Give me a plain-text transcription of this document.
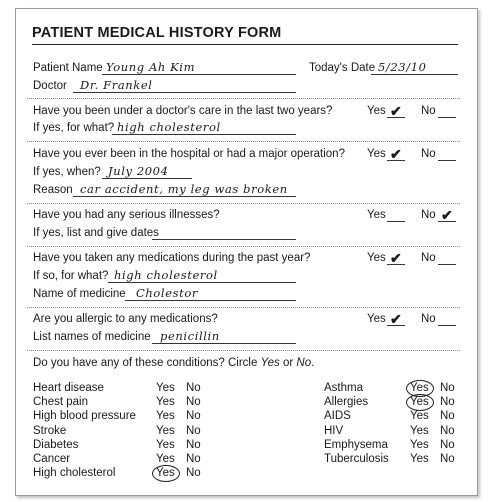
PATIENT MEDICAL HISTORY FORM
Patient Name Young Ah Kim	Today's Date 5/23/10
Doctor Dr. Frankel
Have you been under a doctor's care in the last two years?	Yes ✔ No
If yes, for what? high cholesterol
Have you ever been in the hospital or had a major operation? Yes ✔ No
If yes, when? July 2004
Reason car accident, my leg was broken
Have you had any serious illnesses?	Yes	No ✔
If yes, list and give dates
Have you taken any medications during the past year?	Yes ✔ No
If so, for what? high cholesterol
Name of medicine Cholestor
Are you allergic to any medications?	Yes ✔ No
List names of medicine penicillin
Do you have any of these conditions? Circle Yes or No.
Heart disease	Yes No
Chest pain	Yes No
High blood pressure Yes No
Stroke	Yes No
Diabetes	Yes No
Cancer	Yes No
High cholesterol	Yes No
Asthma	Yes No
Allergies	Yes No
AIDS	Yes No
HIV	Yes No
Emphysema Yes No
Tuberculosis Yes No
